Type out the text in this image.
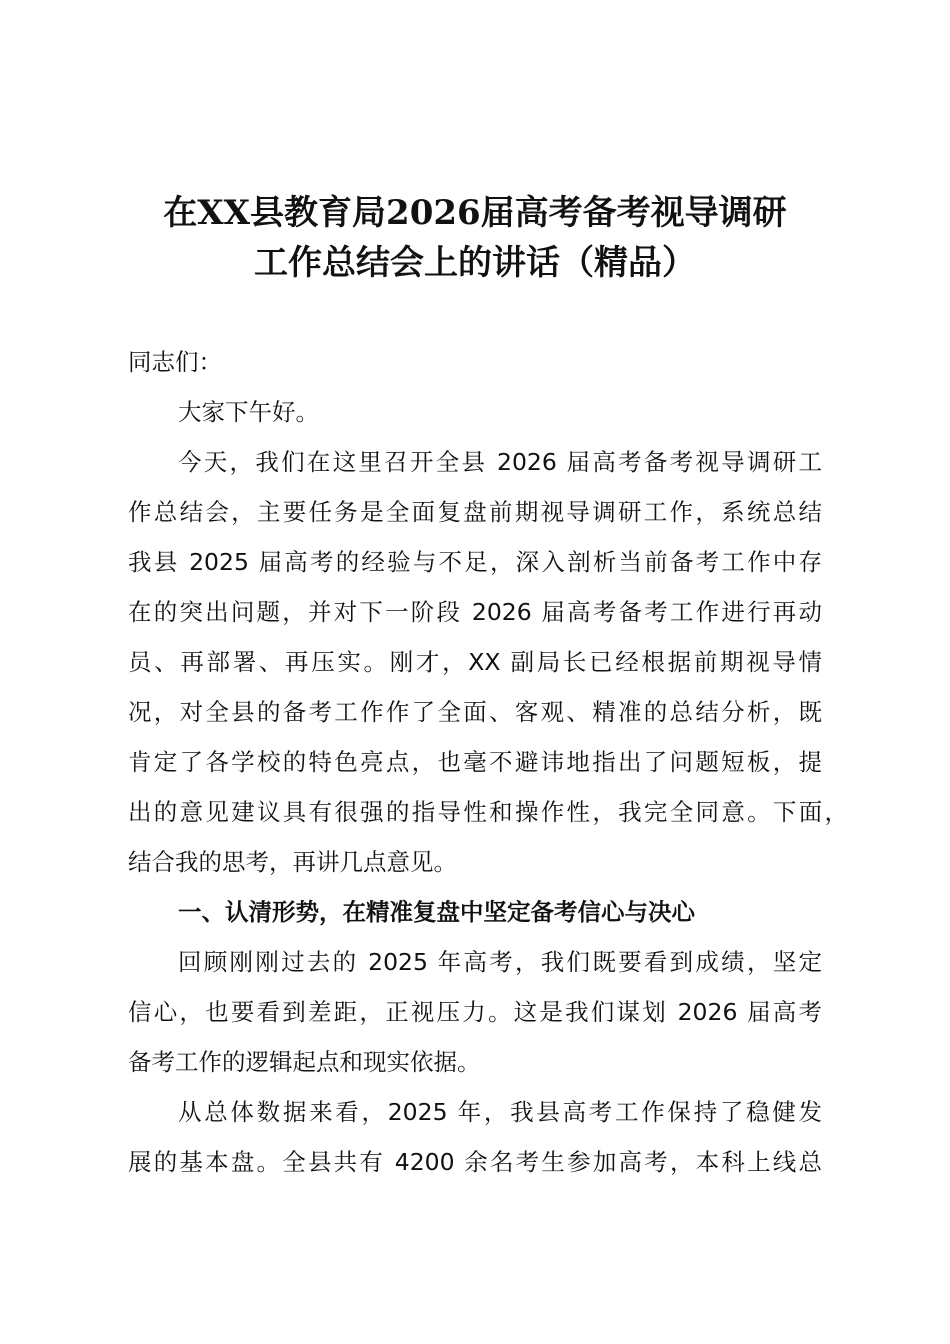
在XX县教育局2026届高考备考视导调研
工作总结会上的讲话（精品）
同志们：
大家下午好。
今天，我们在这里召开全县 2026 届高考备考视导调研工
作总结会，主要任务是全面复盘前期视导调研工作，系统总结
我县 2025 届高考的经验与不足，深入剖析当前备考工作中存
在的突出问题，并对下一阶段 2026 届高考备考工作进行再动
员、再部署、再压实。刚才，XX 副局长已经根据前期视导情
况，对全县的备考工作作了全面、客观、精准的总结分析，既
肯定了各学校的特色亮点，也毫不避讳地指出了问题短板，提
出的意见建议具有很强的指导性和操作性，我完全同意。下面，
结合我的思考，再讲几点意见。
一、认清形势，在精准复盘中坚定备考信心与决心
回顾刚刚过去的 2025 年高考，我们既要看到成绩，坚定
信心，也要看到差距，正视压力。这是我们谋划 2026 届高考
备考工作的逻辑起点和现实依据。
从总体数据来看，2025 年，我县高考工作保持了稳健发
展的基本盘。全县共有 4200 余名考生参加高考，本科上线总
